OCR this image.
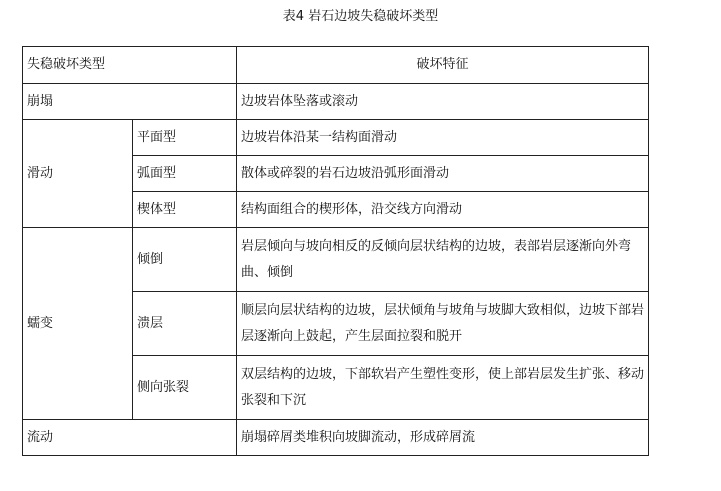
表4 岩石边坡失稳破坏类型
失稳破坏类型		破坏特征
崩塌		边坡岩体坠落或滚动
滑动	平面型	边坡岩体沿某一结构面滑动
	弧面型	散体或碎裂的岩石边坡沿弧形面滑动
	楔体型	结构面组合的楔形体，沿交线方向滑动
蠕变	倾倒	岩层倾向与坡向相反的反倾向层状结构的边坡，表部岩层逐渐向外弯曲、倾倒
	溃层	顺层向层状结构的边坡，层状倾角与坡角与坡脚大致相似，边坡下部岩层逐渐向上鼓起，产生层面拉裂和脱开
	侧向张裂	双层结构的边坡，下部软岩产生塑性变形，使上部岩层发生扩张、移动张裂和下沉
流动		崩塌碎屑类堆积向坡脚流动，形成碎屑流
